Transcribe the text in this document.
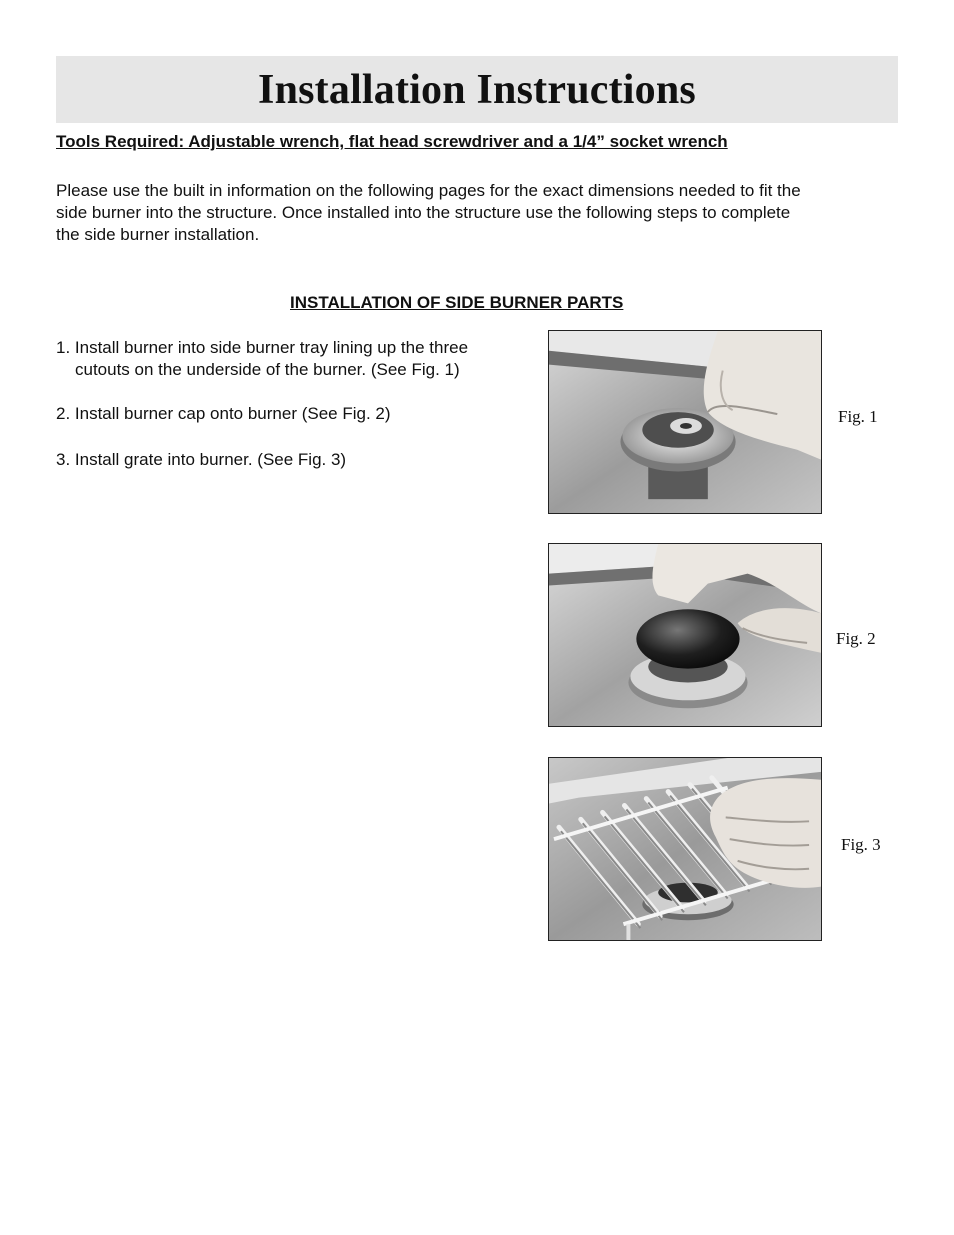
Installation Instructions

Tools Required: Adjustable wrench, flat head screwdriver and a 1/4” socket wrench

Please use the built in information on the following pages for the exact dimensions needed to fit the
side burner into the structure. Once installed into the structure use the following steps to complete
the side burner installation.
INSTALLATION OF SIDE BURNER PARTS
1. Install burner into side burner tray lining up the three
cutouts on the underside of the burner. (See Fig. 1)
2. Install burner cap onto burner (See Fig. 2)
3. Install grate into burner. (See Fig. 3)
Fig. 1
Fig. 2
Fig. 3
